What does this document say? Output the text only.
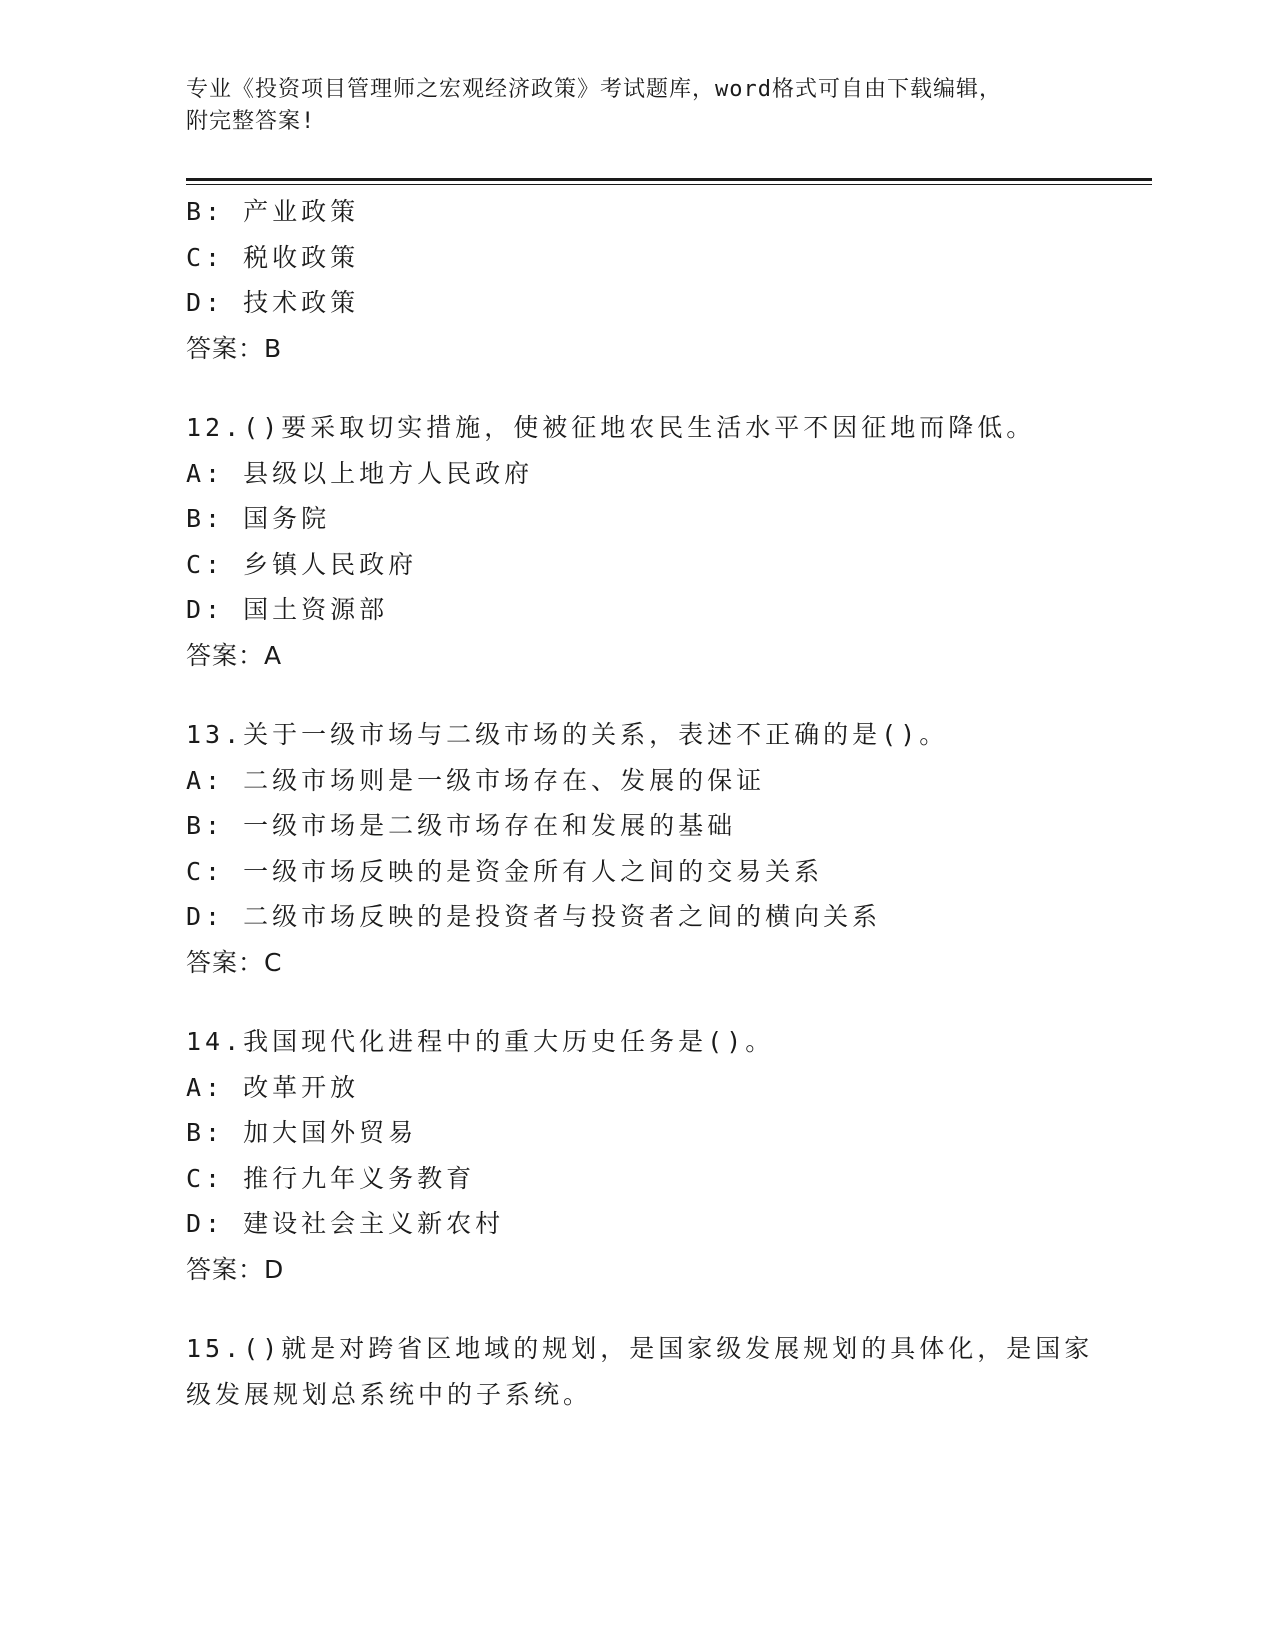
专业《投资项目管理师之宏观经济政策》考试题库，word格式可自由下载编辑，
附完整答案!
B: 产业政策
C: 税收政策
D: 技术政策
答案：B
12.()要采取切实措施，使被征地农民生活水平不因征地而降低。
A: 县级以上地方人民政府
B: 国务院
C: 乡镇人民政府
D: 国土资源部
答案：A
13.关于一级市场与二级市场的关系，表述不正确的是()。
A: 二级市场则是一级市场存在、发展的保证
B: 一级市场是二级市场存在和发展的基础
C: 一级市场反映的是资金所有人之间的交易关系
D: 二级市场反映的是投资者与投资者之间的横向关系
答案：C
14.我国现代化进程中的重大历史任务是()。
A: 改革开放
B: 加大国外贸易
C: 推行九年义务教育
D: 建设社会主义新农村
答案：D
15.()就是对跨省区地域的规划，是国家级发展规划的具体化，是国家
级发展规划总系统中的子系统。
